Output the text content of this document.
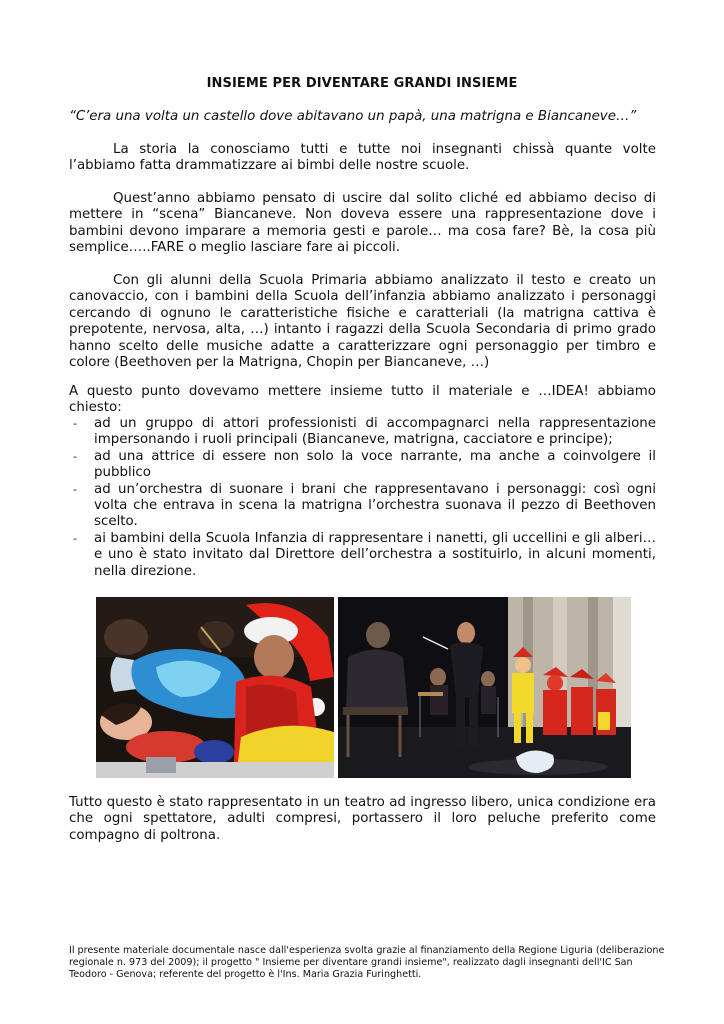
INSIEME PER DIVENTARE GRANDI INSIEME
“C’era una volta un castello dove abitavano un papà, una matrigna e Biancaneve…”

La storia la conosciamo tutti e tutte noi insegnanti chissà quante volte l’abbiamo fatta drammatizzare ai bimbi delle nostre scuole.

Quest’anno abbiamo pensato di uscire dal solito cliché ed abbiamo deciso di mettere in “scena” Biancaneve. Non doveva essere una rappresentazione dove i bambini devono imparare a memoria gesti e parole… ma cosa fare? Bè, la cosa più semplice…..FARE o meglio lasciare fare ai piccoli.

Con gli alunni della Scuola Primaria abbiamo analizzato il testo e creato un canovaccio, con i bambini della Scuola dell’infanzia abbiamo analizzato i personaggi cercando di ognuno le caratteristiche fisiche e caratteriali (la matrigna cattiva è prepotente, nervosa, alta, …) intanto i ragazzi della Scuola Secondaria di primo grado hanno scelto delle musiche adatte a caratterizzare ogni personaggio per timbro e colore (Beethoven per la Matrigna, Chopin per Biancaneve, …)

A questo punto dovevamo mettere insieme tutto il materiale e …IDEA! abbiamo chiesto:

- ad un gruppo di attori professionisti di accompagnarci nella rappresentazione impersonando i ruoli principali (Biancaneve, matrigna, cacciatore e principe);
- ad una attrice di essere non solo la voce narrante, ma anche a coinvolgere il pubblico
- ad un’orchestra di suonare i brani che rappresentavano i personaggi: così ogni volta che entrava in scena la matrigna l’orchestra suonava il pezzo di Beethoven scelto.
- ai bambini della Scuola Infanzia di rappresentare i nanetti, gli uccellini e gli alberi… e uno è stato invitato dal Direttore dell’orchestra a sostituirlo, in alcuni momenti, nella direzione.

Tutto questo è stato rappresentato in un teatro ad ingresso libero, unica condizione era che ogni spettatore, adulti compresi, portassero il loro peluche preferito come compagno di poltrona.

Il presente materiale documentale nasce dall'esperienza svolta grazie al finanziamento della Regione Liguria (deliberazione regionale n. 973 del 2009); il progetto " Insieme per diventare grandi insieme", realizzato dagli insegnanti dell'IC San Teodoro - Genova; referente del progetto è l'Ins. Maria Grazia Furinghetti.
